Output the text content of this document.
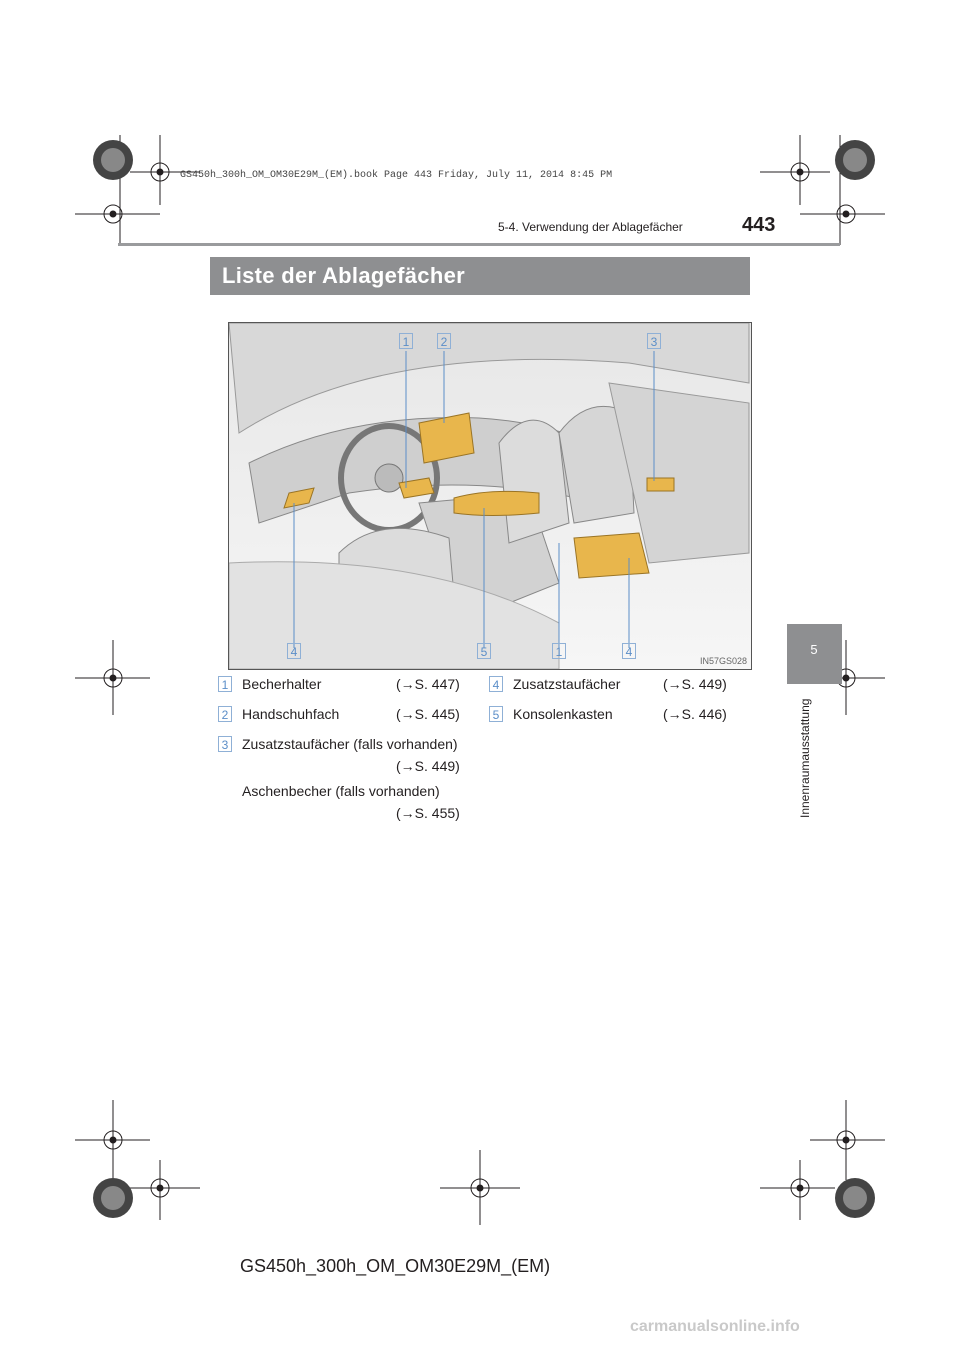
GS450h_300h_OM_OM30E29M_(EM).book Page 443 Friday, July 11, 2014 8:45 PM
5-4. Verwendung der Ablagefächer	443
Liste der Ablagefächer
5
Innenraumausstattung
1	2	3
4	5	1	4
IN57GS028
1 Becherhalter	(→S. 447)
2 Handschuhfach	(→S. 445)
3 Zusatzstaufächer (falls vorhanden)
(→S. 449)
Aschenbecher (falls vorhanden)
(→S. 455)
4 Zusatzstaufächer	(→S. 449)
5 Konsolenkasten	(→S. 446)
GS450h_300h_OM_OM30E29M_(EM)
carmanualsonline.info
